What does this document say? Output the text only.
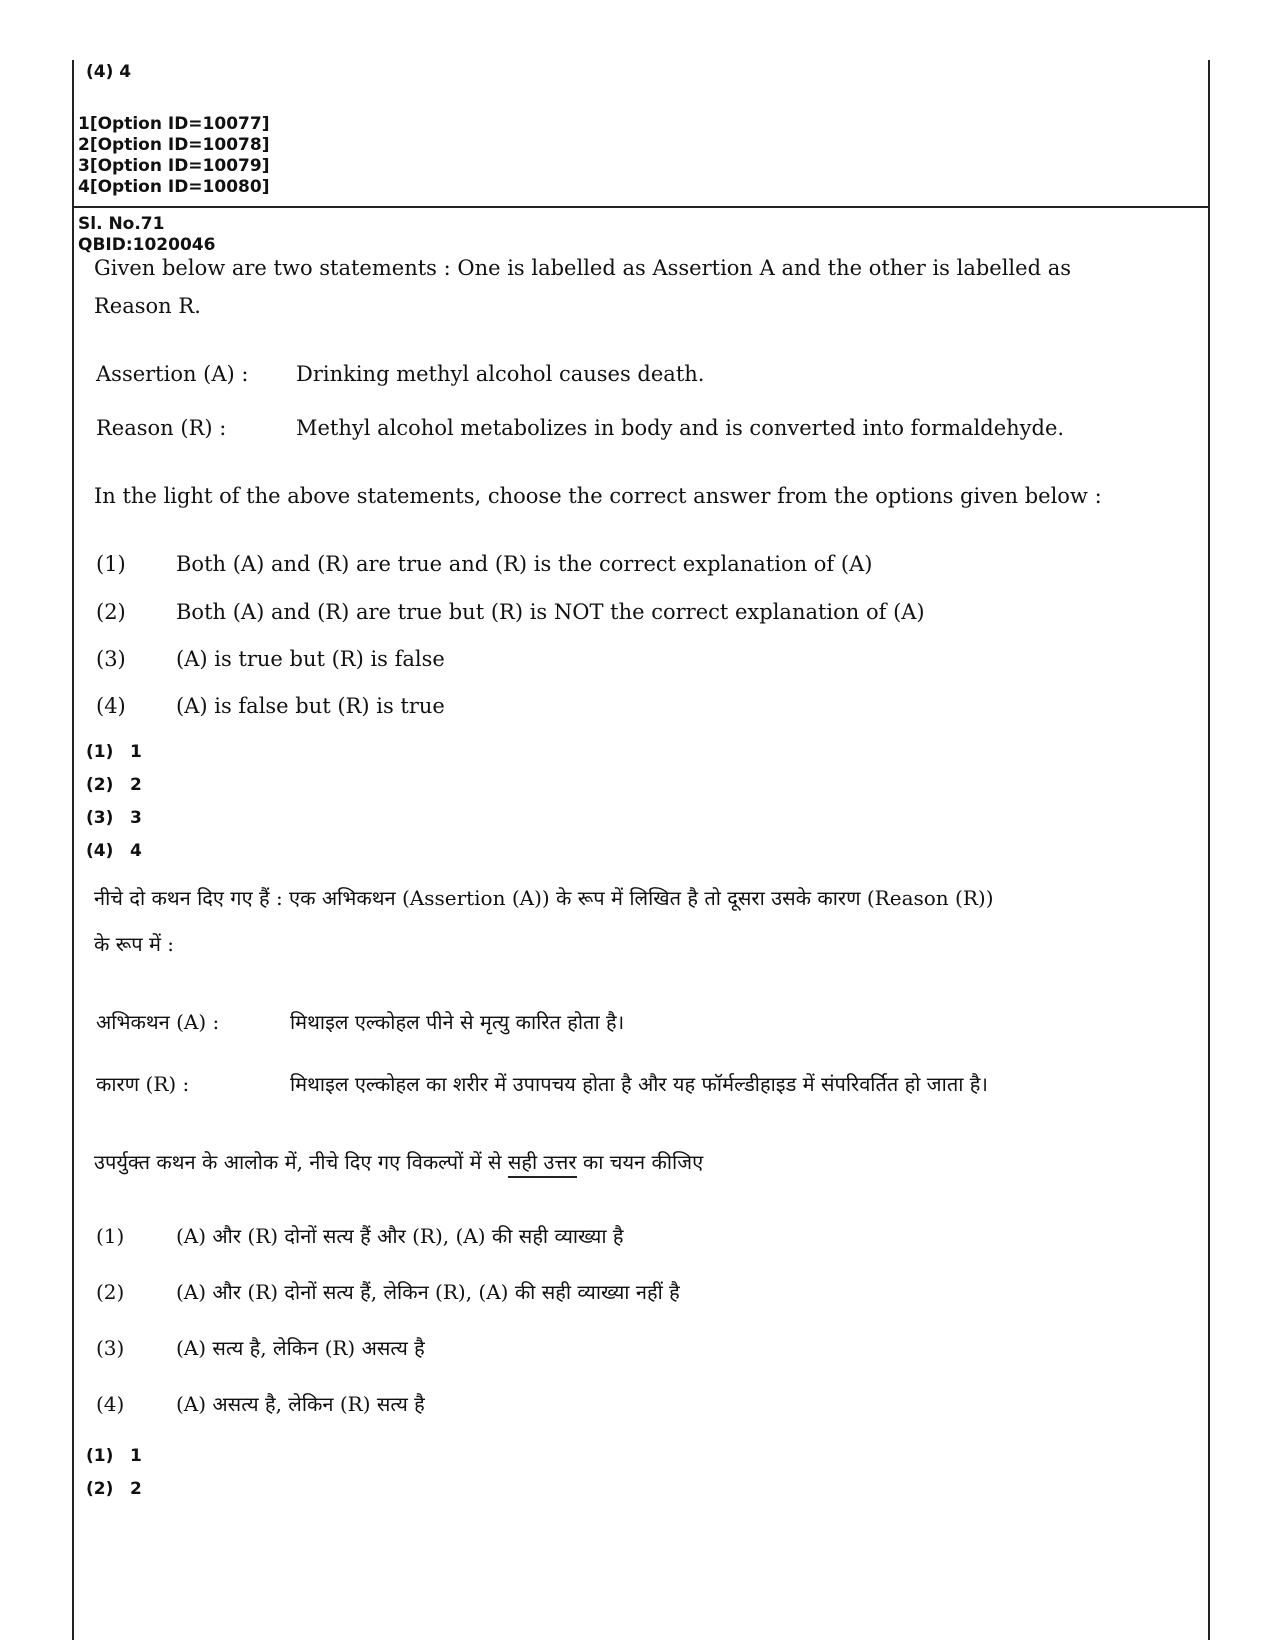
(4) 4
1[Option ID=10077]
2[Option ID=10078]
3[Option ID=10079]
4[Option ID=10080]
Sl. No.71
QBID:1020046
Given below are two statements : One is labelled as Assertion A and the other is labelled as
Reason R.
Assertion (A) : Drinking methyl alcohol causes death.
Reason (R) :	Methyl alcohol metabolizes in body and is converted into formaldehyde.
In the light of the above statements, choose the correct answer from the options given below :
(1) Both (A) and (R) are true and (R) is the correct explanation of (A)
(2) Both (A) and (R) are true but (R) is NOT the correct explanation of (A)
(3) (A) is true but (R) is false
(4) (A) is false but (R) is true
(1) 1
(2) 2
(3) 3
(4) 4
नीचे दो कथन दिए गए हैं : एक अभिकथन (Assertion (A)) के रूप में लिखित है तो दूसरा उसके कारण (Reason (R))
के रूप में :
अभिकथन (A) :	मिथाइल एल्कोहल पीने से मृत्यु कारित होता है।
कारण (R) :	मिथाइल एल्कोहल का शरीर में उपापचय होता है और यह फॉर्मल्डीहाइड में संपरिवर्तित हो जाता है।
उपर्युक्त कथन के आलोक में, नीचे दिए गए विकल्पों में से सही उत्तर का चयन कीजिए
(1)	(A) और (R) दोनों सत्य हैं और (R), (A) की सही व्याख्या है
(2)	(A) और (R) दोनों सत्य हैं, लेकिन (R), (A) की सही व्याख्या नहीं है
(3)	(A) सत्य है, लेकिन (R) असत्य है
(4)	(A) असत्य है, लेकिन (R) सत्य है
(1) 1
(2) 2
